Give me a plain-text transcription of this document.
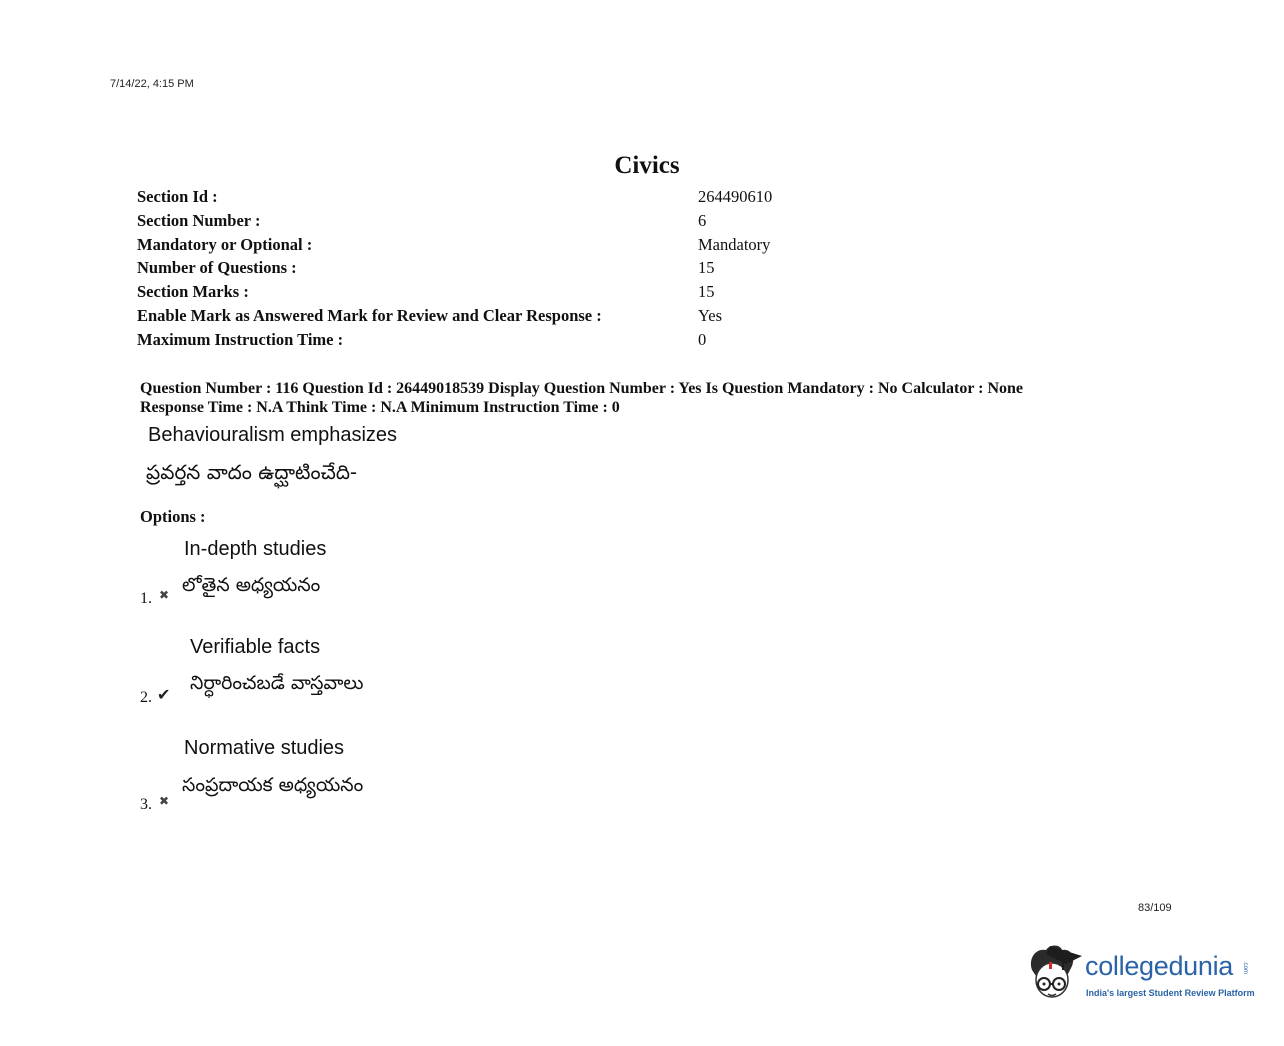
7/14/22, 4:15 PM
Civics
Section Id :	264490610
Section Number :	6
Mandatory or Optional :	Mandatory
Number of Questions :	15
Section Marks :	15
Enable Mark as Answered Mark for Review and Clear Response :	Yes
Maximum Instruction Time :	0
Question Number : 116 Question Id : 26449018539 Display Question Number : Yes Is Question Mandatory : No Calculator : None
Response Time : N.A Think Time : N.A Minimum Instruction Time : 0
Behaviouralism emphasizes
ప్రవర్తన వాదం ఉద్ఘాటించేది-
Options :
In-depth studies
లోతైన అధ్యయనం
1. ✖
Verifiable facts
నిర్ధారించబడే వాస్తవాలు
2. ✔
Normative studies
సంప్రదాయక అధ్యయనం
3. ✖
83/109
collegedunia .com
India's largest Student Review Platform
